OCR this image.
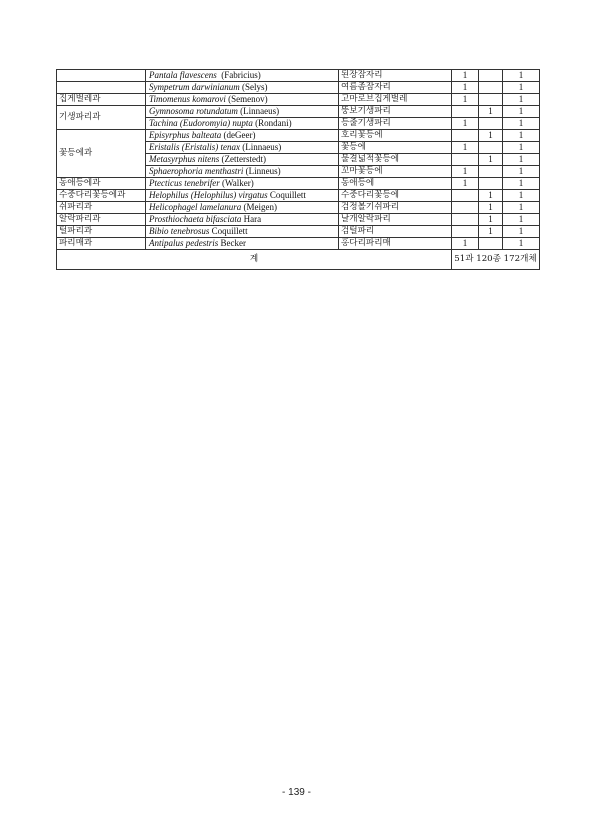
	Pantala flavescens (Fabricius)	된장잠자리	1		1
	Sympetrum darwinianum (Selys)	여름좀잠자리	1		1
집게벌레과	Timomenus komarovi (Semenov)	고마로브집게벌레	1		1
기생파리과	Gymnosoma rotundatum (Linnaeus)	뚱보기생파리		1	1
	Tachina (Eudoromyia) nupta (Rondani)	등줄기생파리	1		1
꽃등에과	Episyrphus balteata (deGeer)	호리꽃등에		1	1
	Eristalis (Eristalis) tenax (Linnaeus)	꽃등에	1		1
	Metasyrphus nitens (Zetterstedt)	물결넓적꽃등에		1	1
	Sphaerophoria menthastri (Linneus)	꼬마꽃등에	1		1
동애등에과	Ptecticus tenebrifer (Walker)	동애등에	1		1
수중다리꽃등에과	Helophilus (Helophilus) virgatus Coquillett	수중다리꽃등에		1	1
쉬파리과	Helicophagel lamelanura (Meigen)	검정볼기쉬파리		1	1
알락파리과	Prosthiochaeta bifasciata Hara	날개알락파리		1	1
털파리과	Bibio tenebrosus Coquillett	검털파리		1	1
파리매과	Antipalus pedestris Becker	홍다리파리매	1		1
계			51과 120종 172개체		
- 139 -
